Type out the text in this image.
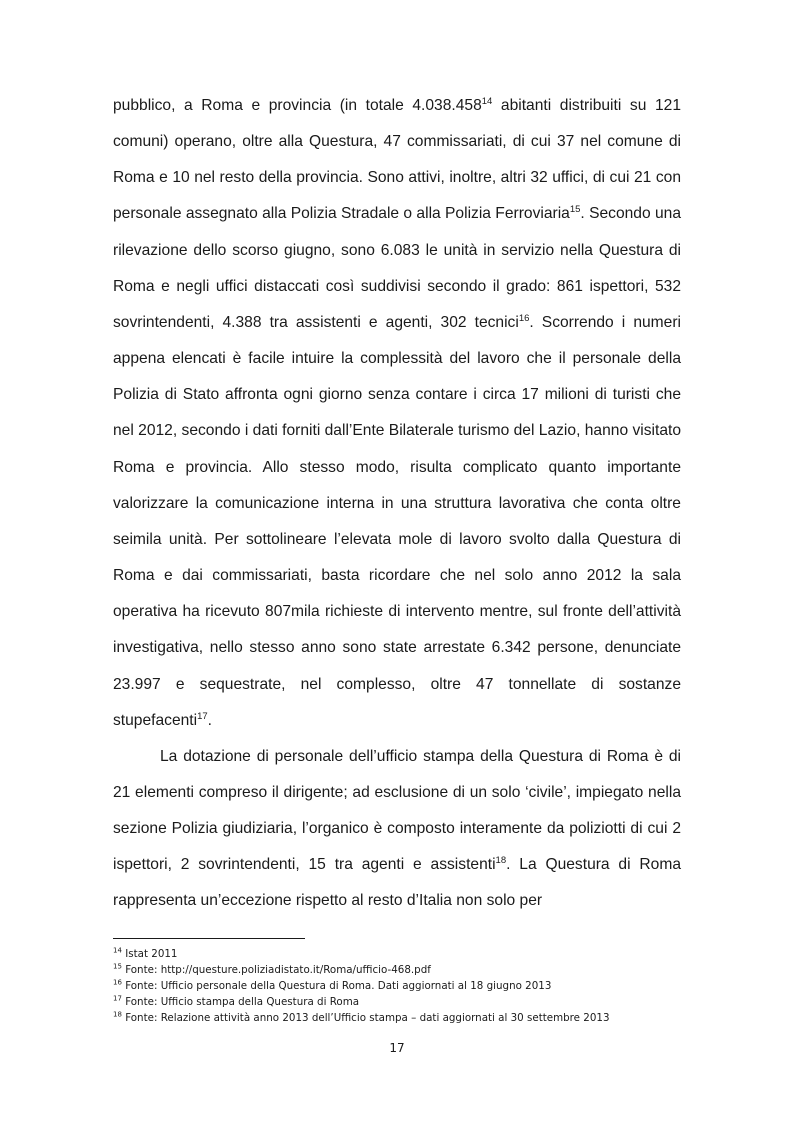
pubblico, a Roma e provincia (in totale 4.038.458$^{14}$ abitanti distribuiti su 121 comuni) operano, oltre alla Questura, 47 commissariati, di cui 37 nel comune di Roma e 10 nel resto della provincia. Sono attivi, inoltre, altri 32 uffici, di cui 21 con personale assegnato alla Polizia Stradale o alla Polizia Ferroviaria$^{15}$. Secondo una rilevazione dello scorso giugno, sono 6.083 le unità in servizio nella Questura di Roma e negli uffici distaccati così suddivisi secondo il grado: 861 ispettori, 532 sovrintendenti, 4.388 tra assistenti e agenti, 302 tecnici$^{16}$. Scorrendo i numeri appena elencati è facile intuire la complessità del lavoro che il personale della Polizia di Stato affronta ogni giorno senza contare i circa 17 milioni di turisti che nel 2012, secondo i dati forniti dall’Ente Bilaterale turismo del Lazio, hanno visitato Roma e provincia. Allo stesso modo, risulta complicato quanto importante valorizzare la comunicazione interna in una struttura lavorativa che conta oltre seimila unità. Per sottolineare l’elevata mole di lavoro svolto dalla Questura di Roma e dai commissariati, basta ricordare che nel solo anno 2012 la sala operativa ha ricevuto 807mila richieste di intervento mentre, sul fronte dell’attività investigativa, nello stesso anno sono state arrestate 6.342 persone, denunciate 23.997 e sequestrate, nel complesso, oltre 47 tonnellate di sostanze stupefacenti$^{17}$.

La dotazione di personale dell’ufficio stampa della Questura di Roma è di 21 elementi compreso il dirigente; ad esclusione di un solo ‘civile’, impiegato nella sezione Polizia giudiziaria, l’organico è composto interamente da poliziotti di cui 2 ispettori, 2 sovrintendenti, 15 tra agenti e assistenti$^{18}$. La Questura di Roma rappresenta un’eccezione rispetto al resto d’Italia non solo per

$^{14}$ Istat 2011
$^{15}$ Fonte: http://questure.poliziadistato.it/Roma/ufficio-468.pdf
$^{16}$ Fonte: Ufficio personale della Questura di Roma. Dati aggiornati al 18 giugno 2013
$^{17}$ Fonte: Ufficio stampa della Questura di Roma
$^{18}$ Fonte: Relazione attività anno 2013 dell’Ufficio stampa – dati aggiornati al 30 settembre 2013
17
